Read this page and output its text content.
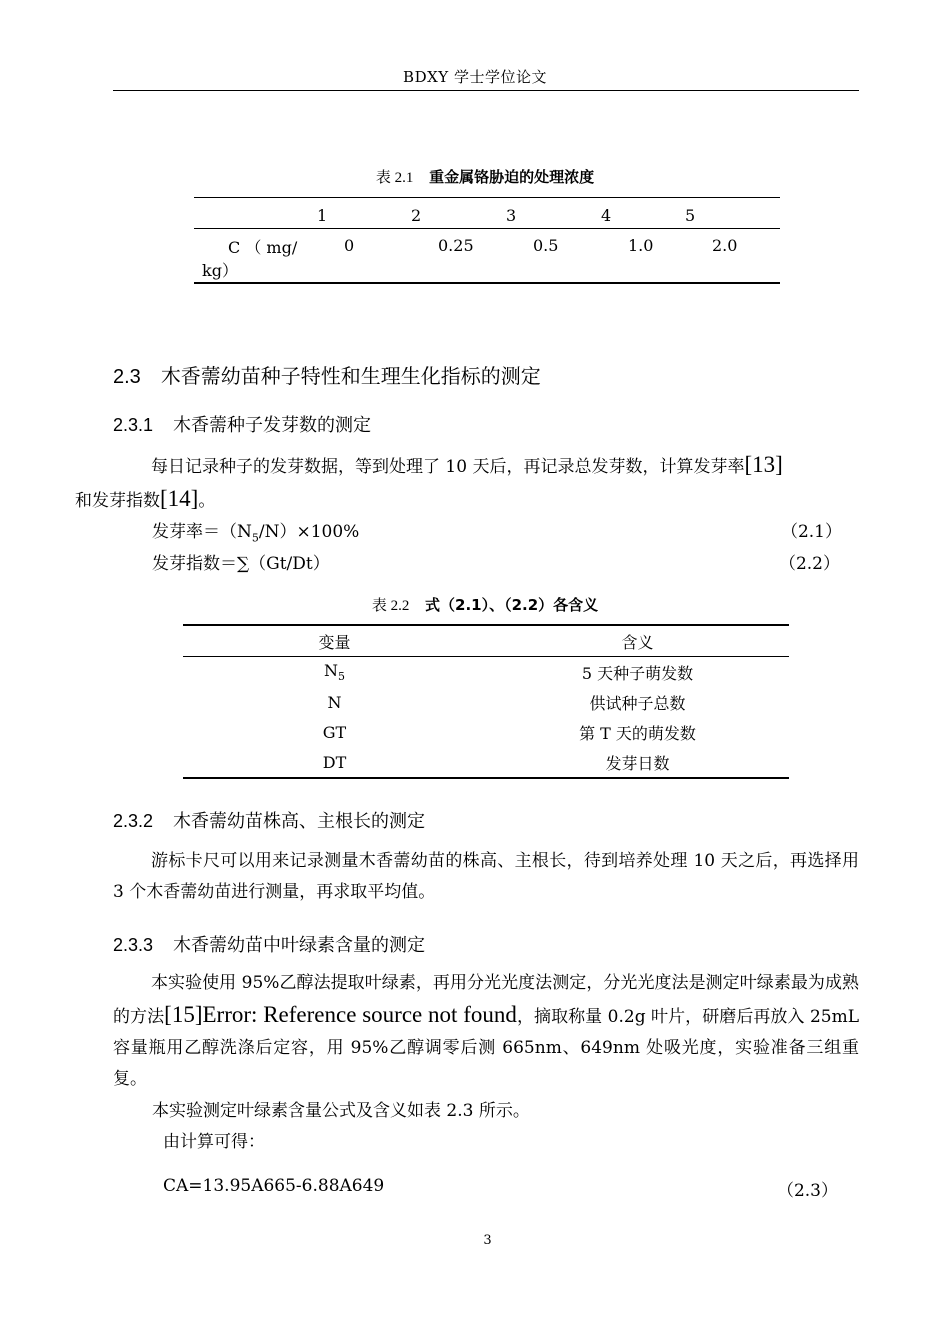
BDXY 学士学位论文
表 2.1 重金属铬胁迫的处理浓度
	1	2	3	4	5

C （ mg/
kg）	0	0.25	0.5	1.0	2.0
2.3 木香薷幼苗种子特性和生理生化指标的测定
2.3.1 木香薷种子发芽数的测定
每日记录种子的发芽数据，等到处理了 10 天后，再记录总发芽数，计算发芽率[13]
和发芽指数[14]。
发芽率$=(N_5/N)\times 100\%$	（2.1）
发芽指数＝∑（Gt/Dt）	（2.2）
表 2.2 式（2.1）、（2.2）各含义
变量	含义
$N_5$	5 天种子萌发数
N	供试种子总数
GT	第 T 天的萌发数
DT	发芽日数
2.3.2 木香薷幼苗株高、主根长的测定
游标卡尺可以用来记录测量木香薷幼苗的株高、主根长，待到培养处理 10 天之后，再选择用 3 个木香薷幼苗进行测量，再求取平均值。
2.3.3 木香薷幼苗中叶绿素含量的测定
本实验使用 95%乙醇法提取叶绿素，再用分光光度法测定，分光光度法是测定叶绿素最为成熟的方法[15]Error: Reference source not found，摘取称量 0.2g 叶片，研磨后再放入 25mL 容量瓶用乙醇洗涤后定容，用 95%乙醇调零后测 665nm、649nm 处吸光度，实验准备三组重复。
本实验测定叶绿素含量公式及含义如表 2.3 所示。
由计算可得：
CA=13.95A665-6.88A649	（2.3）
3
